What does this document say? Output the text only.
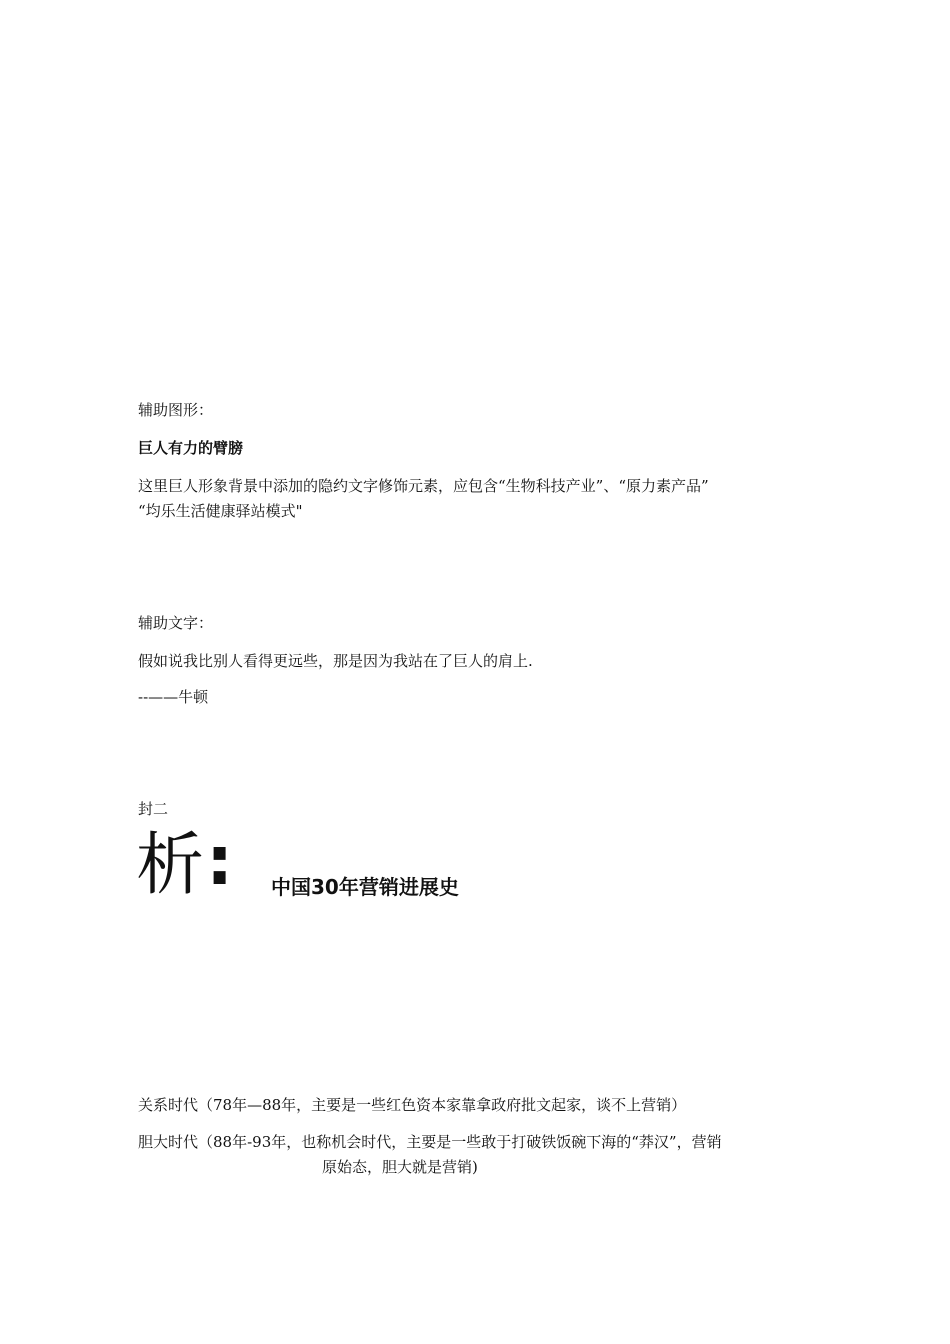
辅助图形：
巨人有力的臂膀
这里巨人形象背景中添加的隐约文字修饰元素，应包含“生物科技产业”、“原力素产品”
“均乐生活健康驿站模式"
辅助文字：
假如说我比别人看得更远些，那是因为我站在了巨人的肩上.
--——牛顿
封二
析 : 中国30年营销进展史
关系时代（78年—88年，主要是一些红色资本家靠拿政府批文起家，谈不上营销）
胆大时代（88年-93年，也称机会时代，主要是一些敢于打破铁饭碗下海的“莽汉”，营销
原始态，胆大就是营销)
